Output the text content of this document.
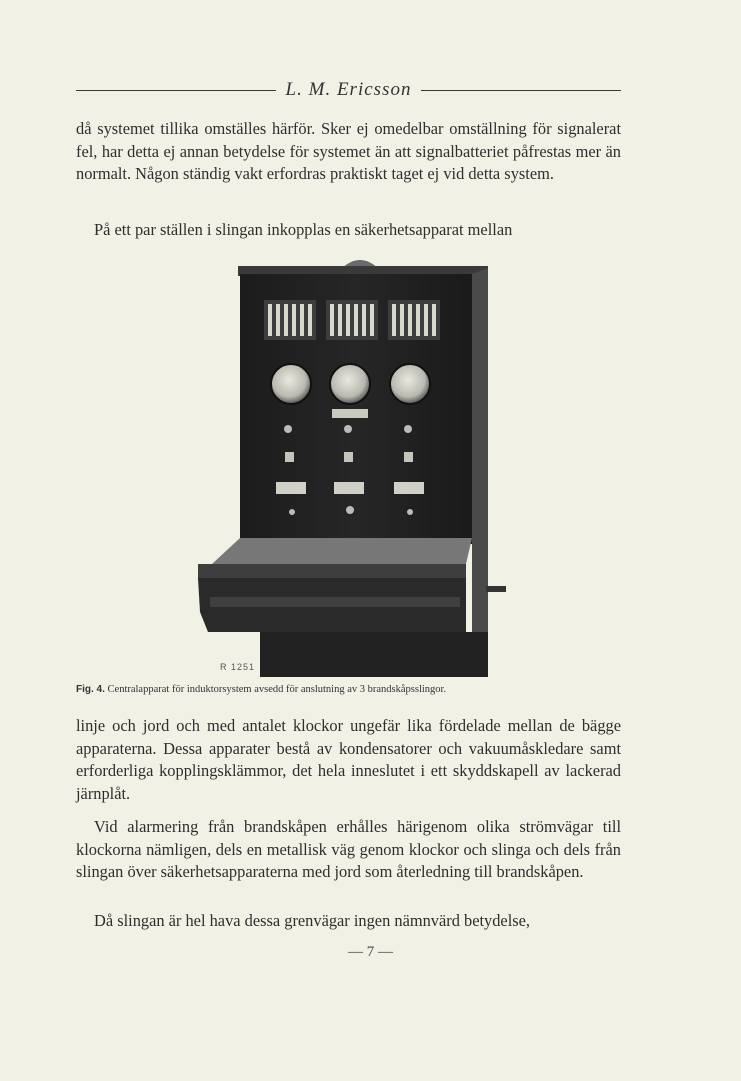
L. M. Ericsson

då systemet tillika omställes härför. Sker ej omedelbar omställning för signalerat fel, har detta ej annan betydelse för systemet än att signalbatteriet påfrestas mer än normalt. Någon ständig vakt erfordras praktiskt taget ej vid detta system.

På ett par ställen i slingan inkopplas en säkerhetsapparat mellan

R 1251
Fig. 4. Centralapparat för induktorsystem avsedd för anslutning av 3 brandskåpsslingor.

linje och jord och med antalet klockor ungefär lika fördelade mellan de bägge apparaterna. Dessa apparater bestå av kondensatorer och vakuumåskledare samt erforderliga kopplingsklämmor, det hela inneslutet i ett skyddskapell av lackerad järnplåt.

Vid alarmering från brandskåpen erhålles härigenom olika strömvägar till klockorna nämligen, dels en metallisk väg genom klockor och slinga och dels från slingan över säkerhetsapparaterna med jord som återledning till brandskåpen.

Då slingan är hel hava dessa grenvägar ingen nämnvärd betydelse,

— 7 —
